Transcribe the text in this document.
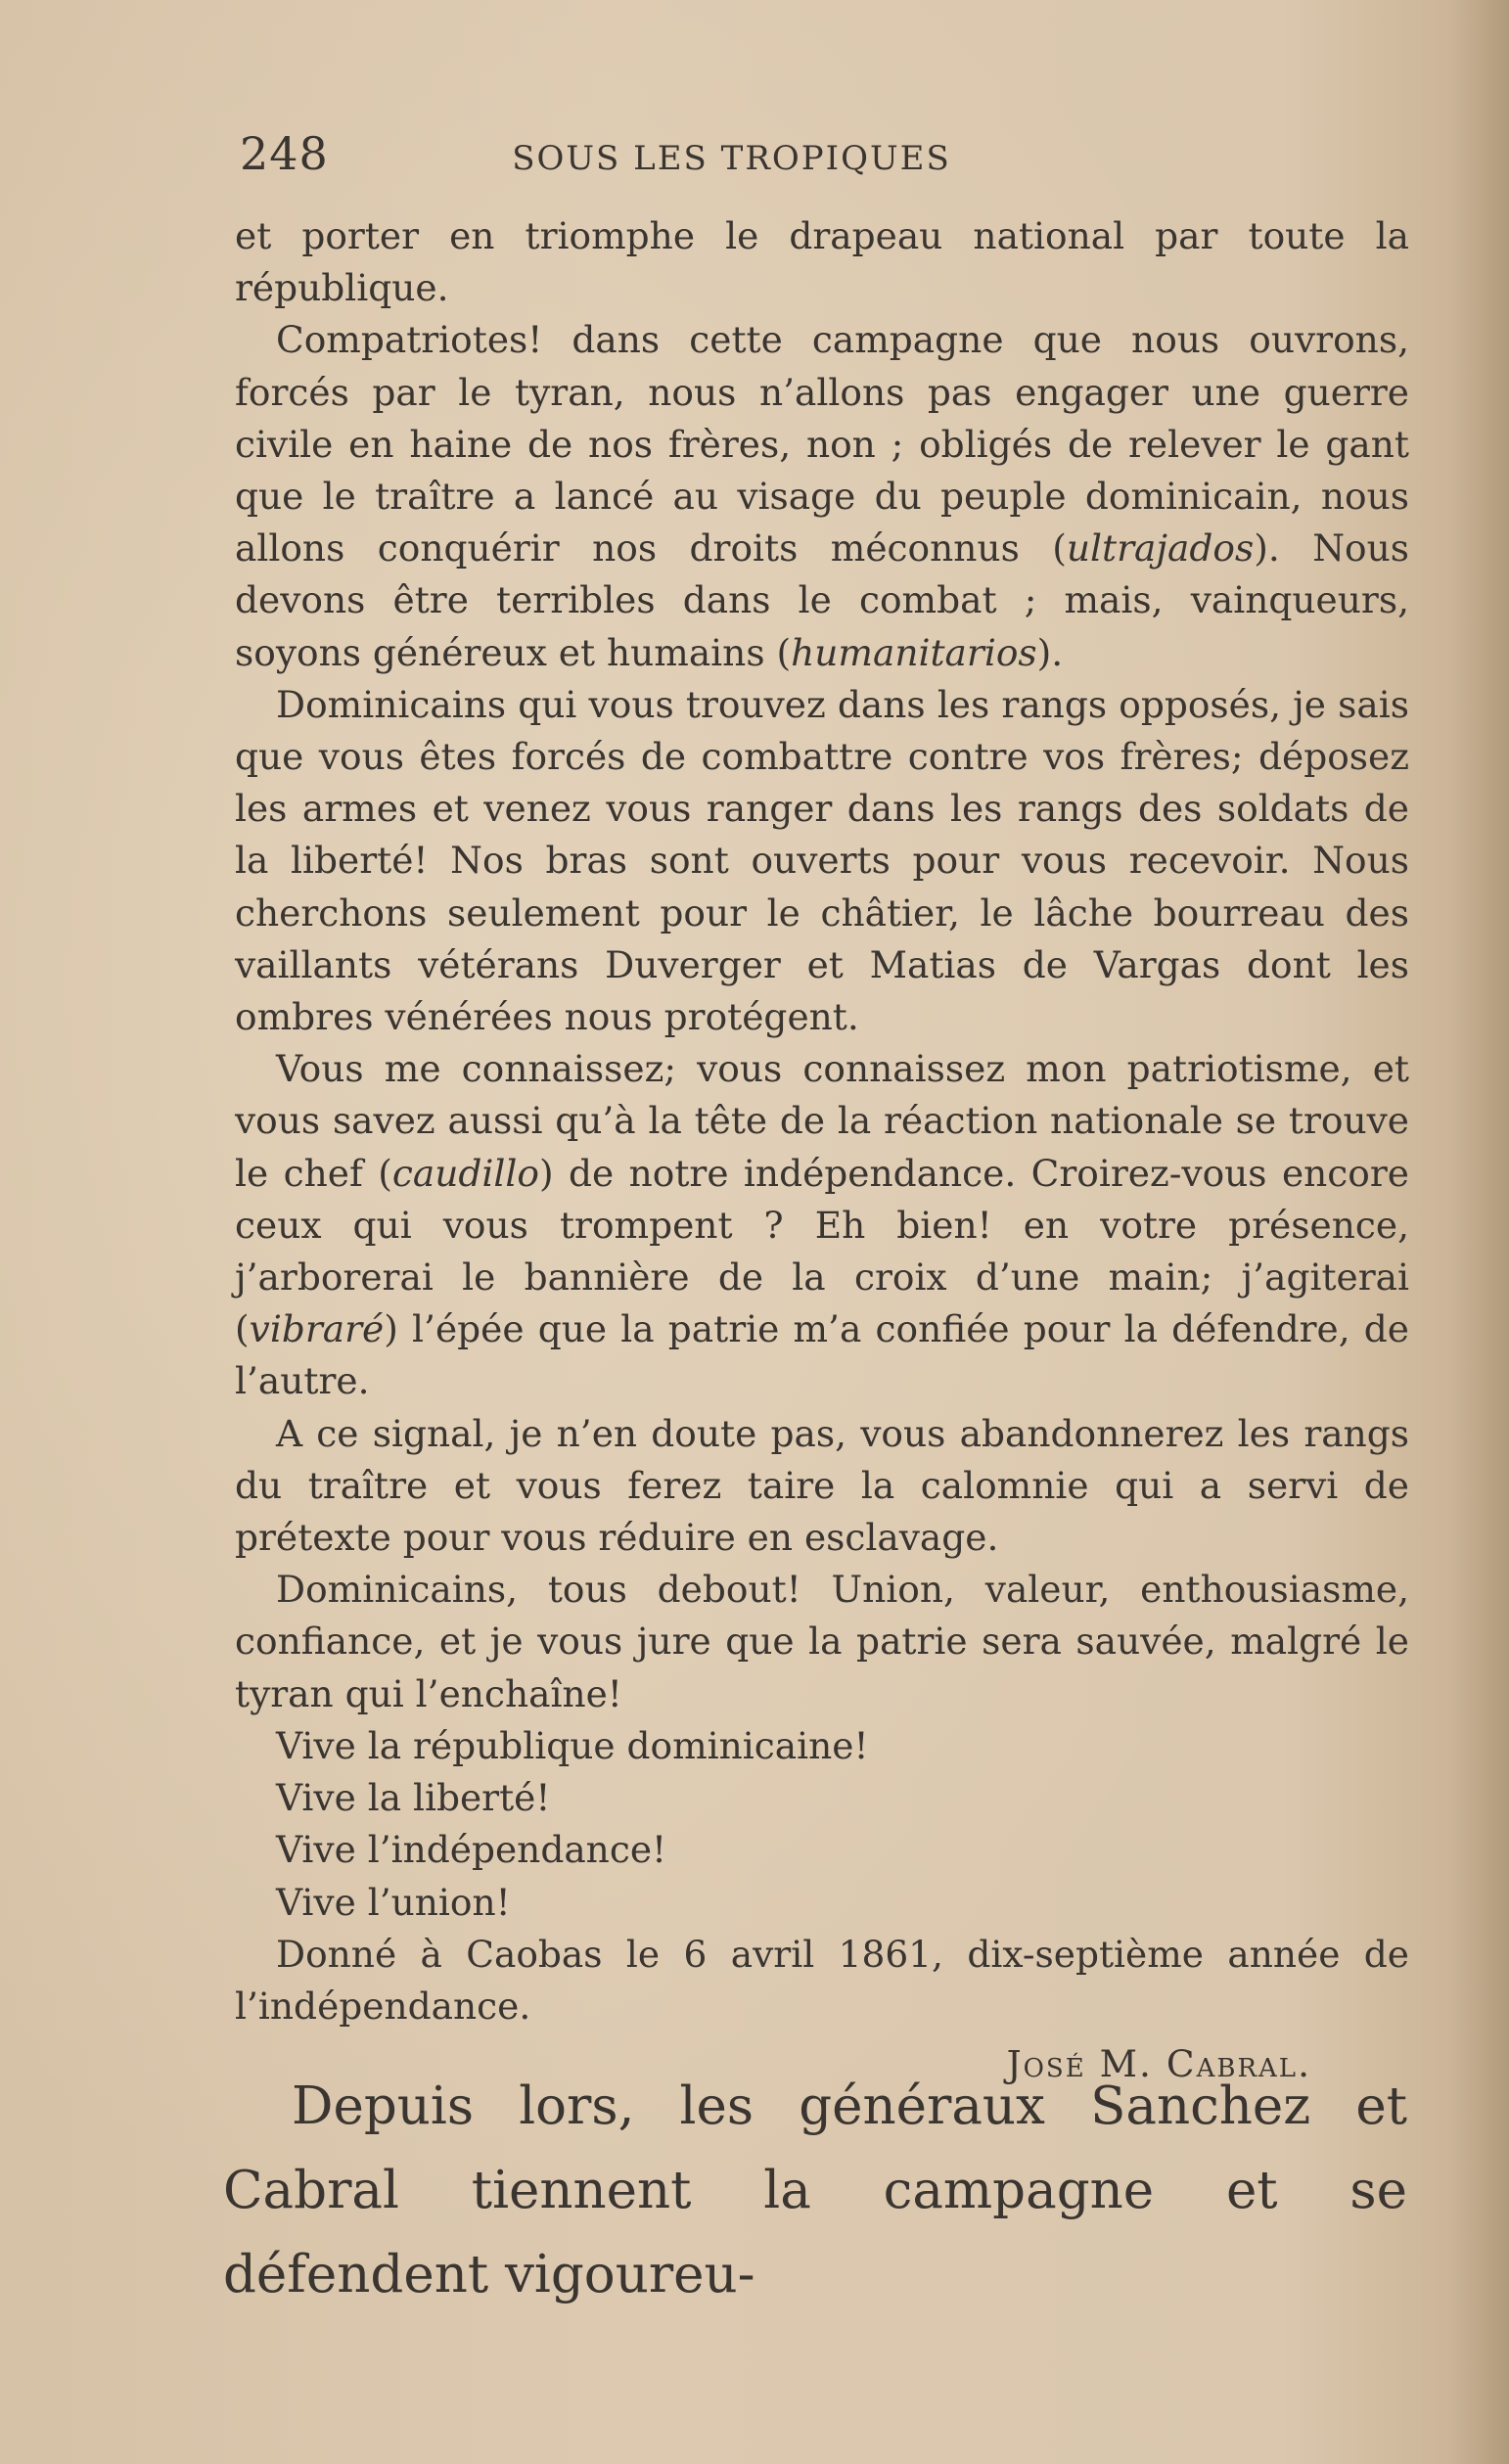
248	SOUS LES TROPIQUES

et porter en triomphe le drapeau national par toute la république.

Compatriotes! dans cette campagne que nous ouvrons, forcés par le tyran, nous n’allons pas engager une guerre civile en haine de nos frères, non ; obligés de relever le gant que le traître a lancé au visage du peuple dominicain, nous allons conquérir nos droits méconnus (ultrajados). Nous devons être terribles dans le combat ; mais, vainqueurs, soyons généreux et humains (humanitarios).

Dominicains qui vous trouvez dans les rangs opposés, je sais que vous êtes forcés de combattre contre vos frères; déposez les armes et venez vous ranger dans les rangs des soldats de la liberté! Nos bras sont ouverts pour vous recevoir. Nous cherchons seulement pour le châtier, le lâche bourreau des vaillants vétérans Duverger et Matias de Vargas dont les ombres vénérées nous protégent.

Vous me connaissez; vous connaissez mon patriotisme, et vous savez aussi qu’à la tête de la réaction nationale se trouve le chef (caudillo) de notre indépendance. Croirez-vous encore ceux qui vous trompent ? Eh bien! en votre présence, j’arborerai le bannière de la croix d’une main; j’agiterai (vibraré) l’épée que la patrie m’a confiée pour la défendre, de l’autre.

A ce signal, je n’en doute pas, vous abandonnerez les rangs du traître et vous ferez taire la calomnie qui a servi de prétexte pour vous réduire en esclavage.

Dominicains, tous debout! Union, valeur, enthousiasme, confiance, et je vous jure que la patrie sera sauvée, malgré le tyran qui l’enchaîne!

Vive la république dominicaine!

Vive la liberté!

Vive l’indépendance!

Vive l’union!

Donné à Caobas le 6 avril 1861, dix-septième année de l’indépendance.

José M. Cabral.

Depuis lors, les généraux Sanchez et Cabral tiennent la campagne et se défendent vigoureu-
